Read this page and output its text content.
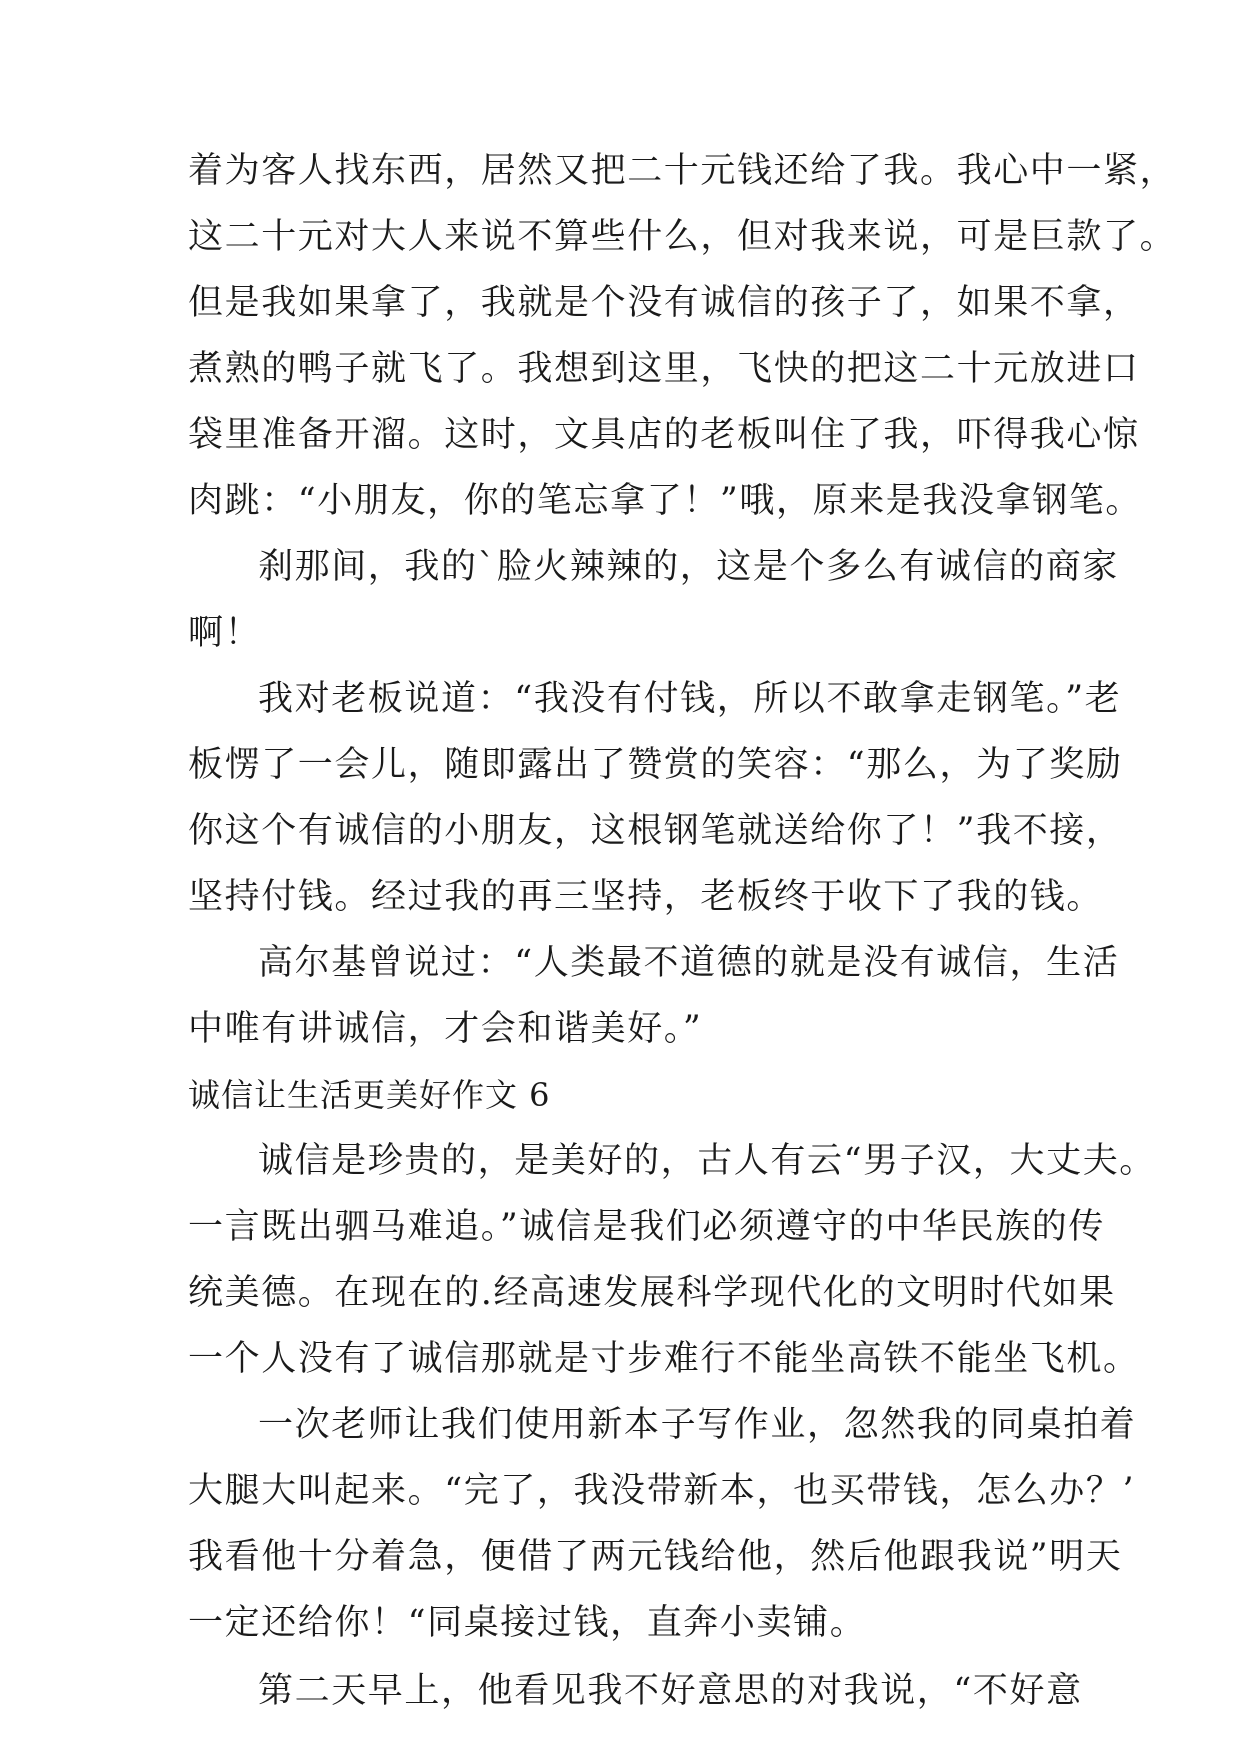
着为客人找东西，居然又把二十元钱还给了我。我心中一紧，
这二十元对大人来说不算些什么，但对我来说，可是巨款了。
但是我如果拿了，我就是个没有诚信的孩子了，如果不拿，
煮熟的鸭子就飞了。我想到这里，飞快的把这二十元放进口
袋里准备开溜。这时，文具店的老板叫住了我，吓得我心惊
肉跳：“小朋友，你的笔忘拿了！”哦，原来是我没拿钢笔。
刹那间，我的`脸火辣辣的，这是个多么有诚信的商家
啊！
我对老板说道：“我没有付钱，所以不敢拿走钢笔。”老
板愣了一会儿，随即露出了赞赏的笑容：“那么，为了奖励
你这个有诚信的小朋友，这根钢笔就送给你了！”我不接，
坚持付钱。经过我的再三坚持，老板终于收下了我的钱。
高尔基曾说过：“人类最不道德的就是没有诚信，生活
中唯有讲诚信，才会和谐美好。”
诚信让生活更美好作文 6
诚信是珍贵的，是美好的，古人有云“男子汉，大丈夫。
一言既出驷马难追。”诚信是我们必须遵守的中华民族的传
统美德。在现在的.经高速发展科学现代化的文明时代如果
一个人没有了诚信那就是寸步难行不能坐高铁不能坐飞机。
一次老师让我们使用新本子写作业，忽然我的同桌拍着
大腿大叫起来。“完了，我没带新本，也买带钱，怎么办？’
我看他十分着急，便借了两元钱给他，然后他跟我说”明天
一定还给你！“同桌接过钱，直奔小卖铺。
第二天早上，他看见我不好意思的对我说，“不好意
